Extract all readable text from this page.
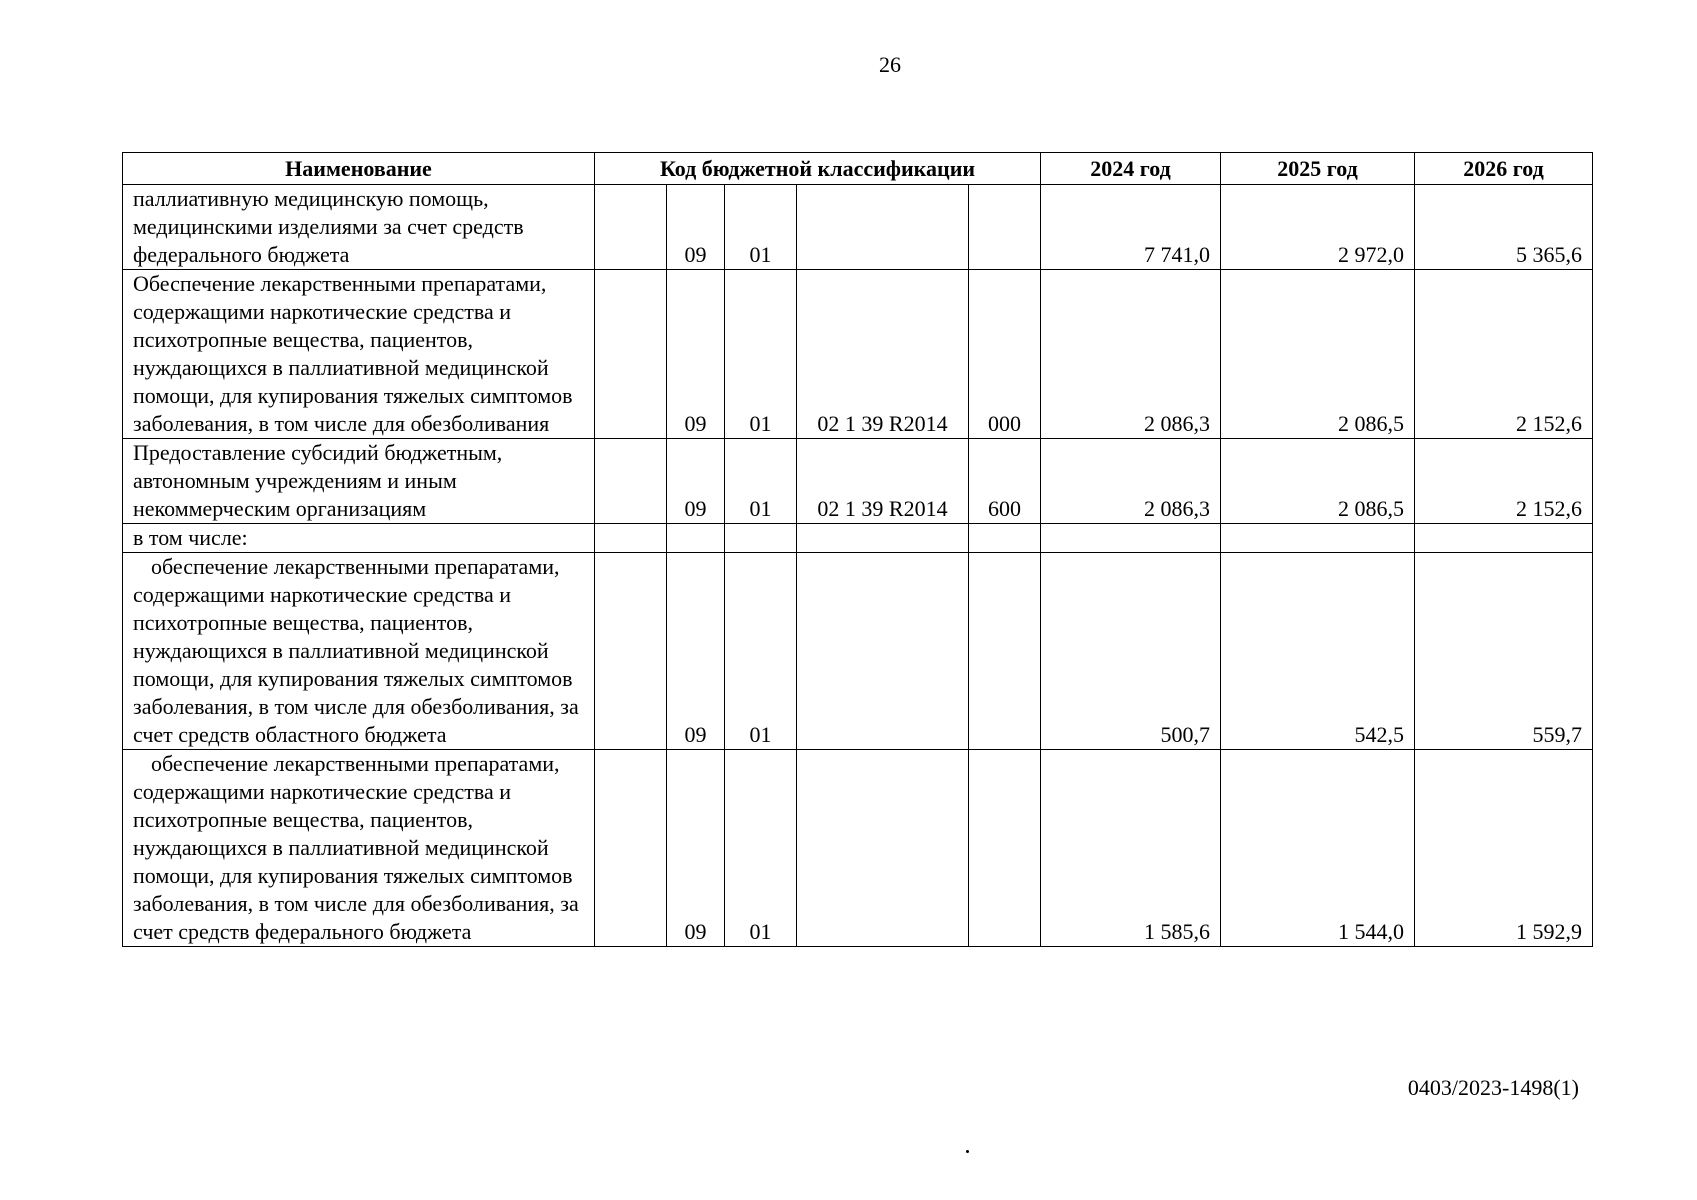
26
Наименование	Код бюджетной классификации					2024 год	2025 год	2026 год
паллиативную медицинскую помощь, медицинскими изделиями за счет средств федерального бюджета		09	01			7 741,0	2 972,0	5 365,6
Обеспечение лекарственными препаратами, содержащими наркотические средства и психотропные вещества, пациентов, нуждающихся в паллиативной медицинской помощи, для купирования тяжелых симптомов заболевания, в том числе для обезболивания		09	01	02 1 39 R2014	000	2 086,3	2 086,5	2 152,6
Предоставление субсидий бюджетным, автономным учреждениям и иным некоммерческим организациям		09	01	02 1 39 R2014	600	2 086,3	2 086,5	2 152,6
в том числе:								
обеспечение лекарственными препаратами, содержащими наркотические средства и психотропные вещества, пациентов, нуждающихся в паллиативной медицинской помощи, для купирования тяжелых симптомов заболевания, в том числе для обезболивания, за счет средств областного бюджета		09	01			500,7	542,5	559,7
обеспечение лекарственными препаратами, содержащими наркотические средства и психотропные вещества, пациентов, нуждающихся в паллиативной медицинской помощи, для купирования тяжелых симптомов заболевания, в том числе для обезболивания, за счет средств федерального бюджета		09	01			1 585,6	1 544,0	1 592,9
0403/2023-1498(1)
